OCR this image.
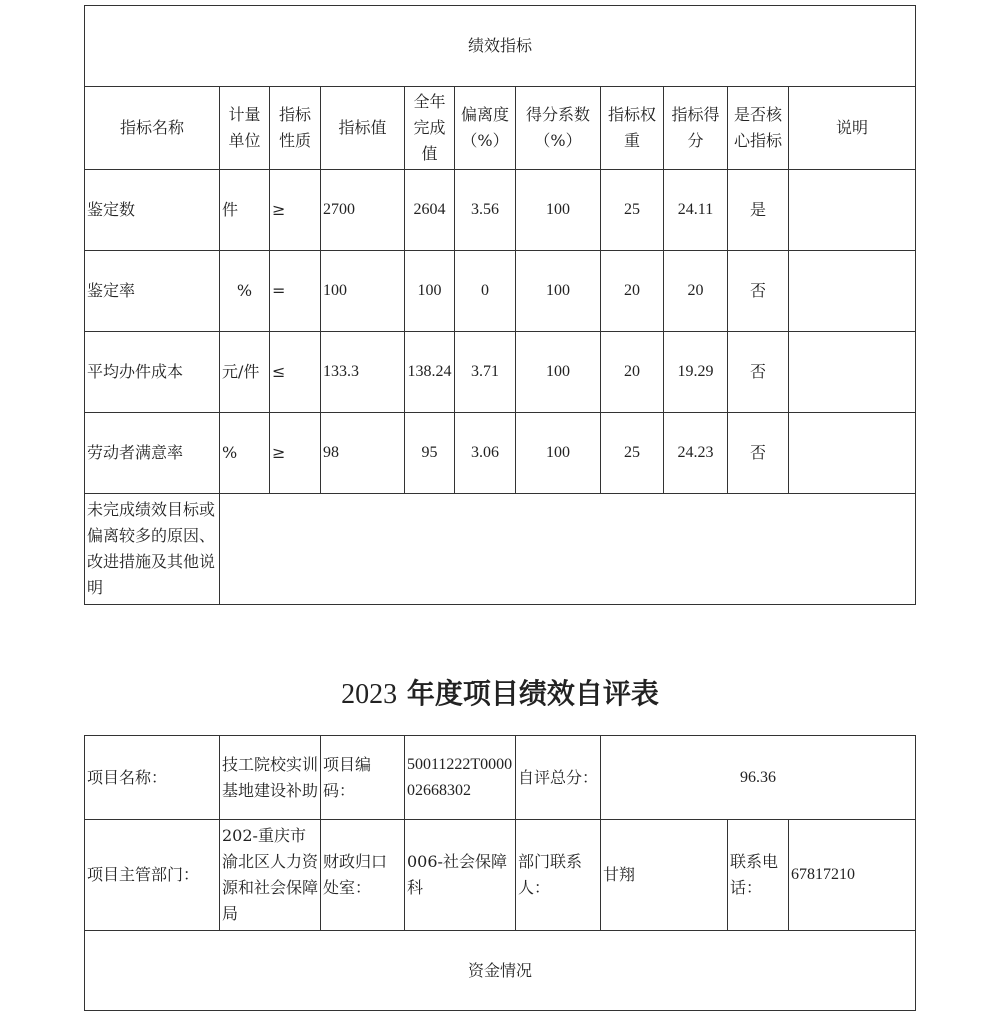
绩效指标										
指标名称	计量单位	指标性质	指标值	全年完成值	偏离度（%）	得分系数（%）	指标权重	指标得分	是否核心指标	说明
鉴定数	件	≥	2700	2604	3.56	100	25	24.11	是	
鉴定率	%	=	100	100	0	100	20	20	否	
平均办件成本	元/件	≤	133.3	138.24	3.71	100	20	19.29	否	
劳动者满意率	%	≥	98	95	3.06	100	25	24.23	否	
未完成绩效目标或偏离较多的原因、改进措施及其他说明										
2023 年度项目绩效自评表
项目名称：	技工院校实训基地建设补助	项目编码：	50011222T000002668302	自评总分：	96.36		
项目主管部门：	202-重庆市渝北区人力资源和社会保障局	财政归口处室：	006-社会保障科	部门联系人：	甘翔	联系电话：	67817210
资金情况							
